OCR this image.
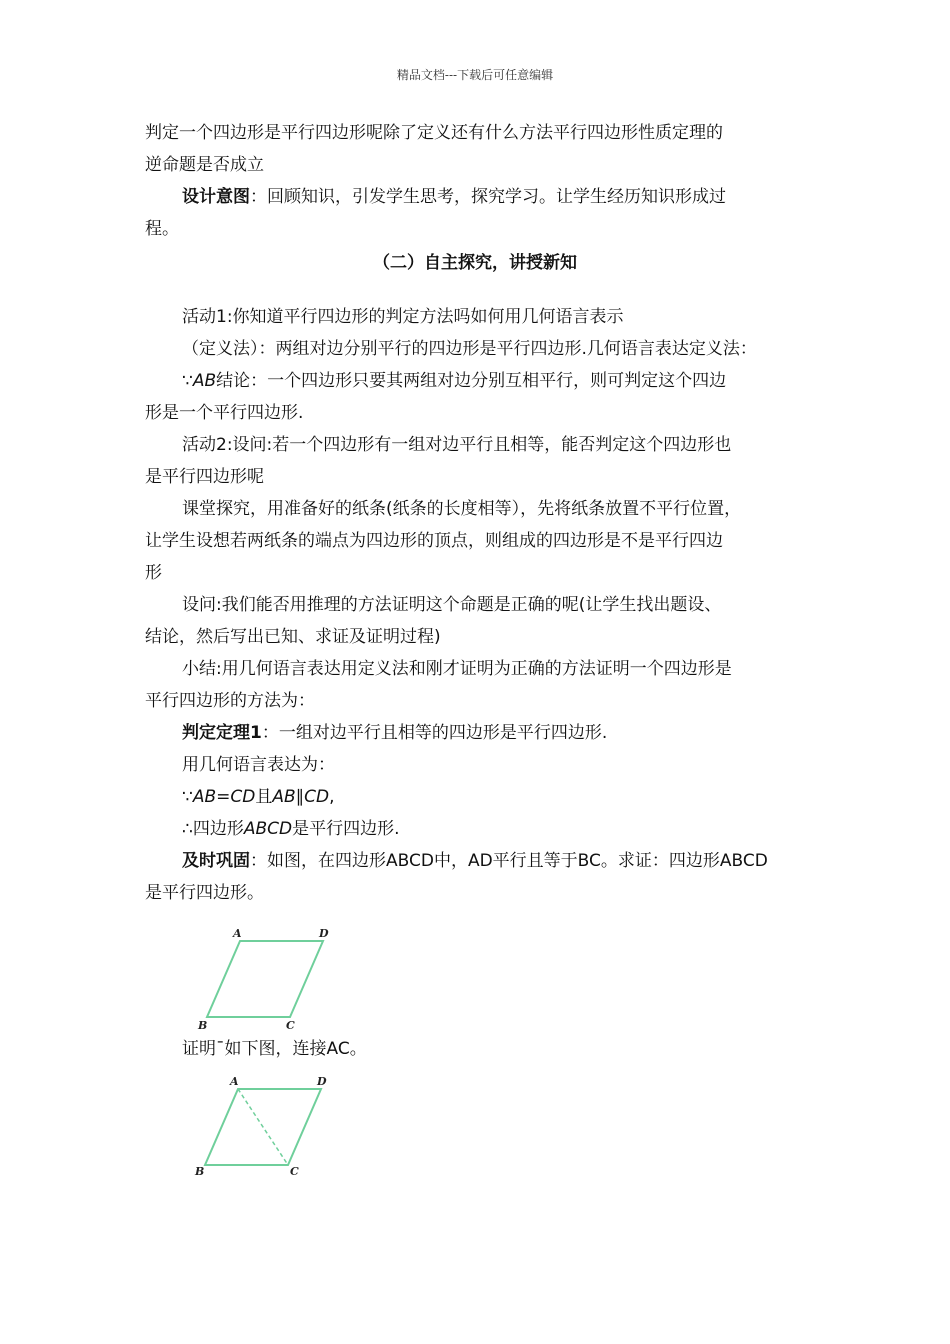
精品文档---下载后可任意编辑
判定一个四边形是平行四边形呢除了定义还有什么方法平行四边形性质定理的
逆命题是否成立
设计意图：回顾知识，引发学生思考，探究学习。让学生经历知识形成过
程。
（二）自主探究，讲授新知
活动1:你知道平行四边形的判定方法吗如何用几何语言表示
（定义法）：两组对边分别平行的四边形是平行四边形.几何语言表达定义法：
∵AB结论：一个四边形只要其两组对边分别互相平行，则可判定这个四边
形是一个平行四边形.
活动2:设问:若一个四边形有一组对边平行且相等，能否判定这个四边形也
是平行四边形呢
课堂探究，用准备好的纸条(纸条的长度相等），先将纸条放置不平行位置，
让学生设想若两纸条的端点为四边形的顶点，则组成的四边形是不是平行四边
形
设问:我们能否用推理的方法证明这个命题是正确的呢(让学生找出题设、
结论，然后写出已知、求证及证明过程)
小结:用几何语言表达用定义法和刚才证明为正确的方法证明一个四边形是
平行四边形的方法为：
判定定理1：一组对边平行且相等的四边形是平行四边形.
用几何语言表达为：
∵AB=CD且AB∥CD,
∴四边形ABCD是平行四边形.
及时巩固：如图，在四边形ABCD中，AD平行且等于BC。求证：四边形ABCD
是平行四边形。
A	D
B	C
证明¯如下图，连接AC。
A	D
B	C
